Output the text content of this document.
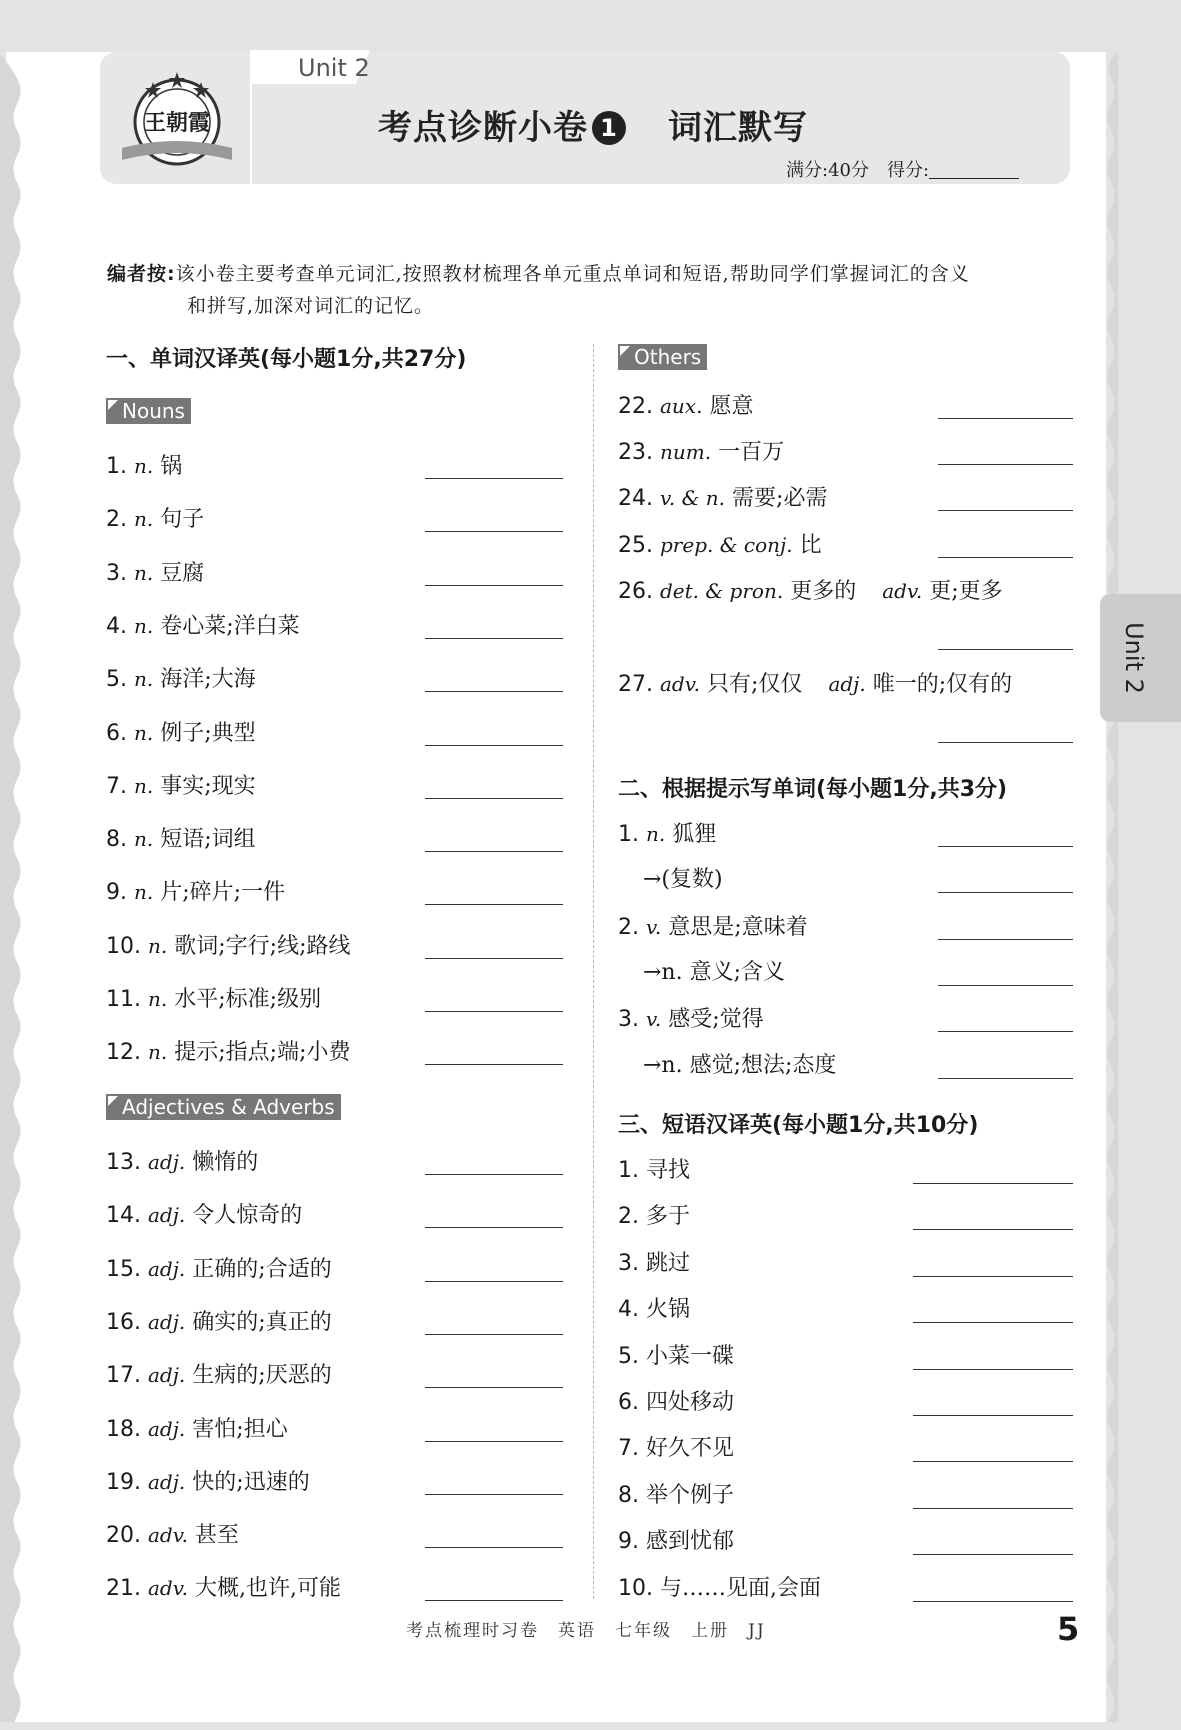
Unit 2
王朝霞	考点诊断小卷 1 词汇默写
满分:40分　得分:
编者按:该小卷主要考查单元词汇,按照教材梳理各单元重点单词和短语,帮助同学们掌握词汇的含义
和拼写,加深对词汇的记忆。
一、单词汉译英(每小题1分,共27分)
Nouns
Adjectives & Adverbs
Others
1. n. 锅
2. n. 句子
3. n. 豆腐
4. n. 卷心菜;洋白菜
5. n. 海洋;大海
6. n. 例子;典型
7. n. 事实;现实
8. n. 短语;词组
9. n. 片;碎片;一件
10. n. 歌词;字行;线;路线
11. n. 水平;标准;级别
12. n. 提示;指点;端;小费
13. adj. 懒惰的
14. adj. 令人惊奇的
15. adj. 正确的;合适的
16. adj. 确实的;真正的
17. adj. 生病的;厌恶的
18. adj. 害怕;担心
19. adj. 快的;迅速的
20. adv. 甚至
21. adv. 大概,也许,可能
22. aux. 愿意
23. num. 一百万
24. v. & n. 需要;必需
25. prep. & conj. 比
26. det. & pron. 更多的 adv. 更;更多
27. adv. 只有;仅仅 adj. 唯一的;仅有的
1. n. 狐狸
→(复数)
2. v. 意思是;意味着
→n. 意义;含义
3. v. 感受;觉得
→n. 感觉;想法;态度
1. 寻找
2. 多于
3. 跳过
4. 火锅
5. 小菜一碟
6. 四处移动
7. 好久不见
8. 举个例子
9. 感到忧郁
10. 与……见面,会面
二、根据提示写单词(每小题1分,共3分)
三、短语汉译英(每小题1分,共10分)
Unit 2
考点梳理时习卷　英语　七年级　上册　JJ	5
